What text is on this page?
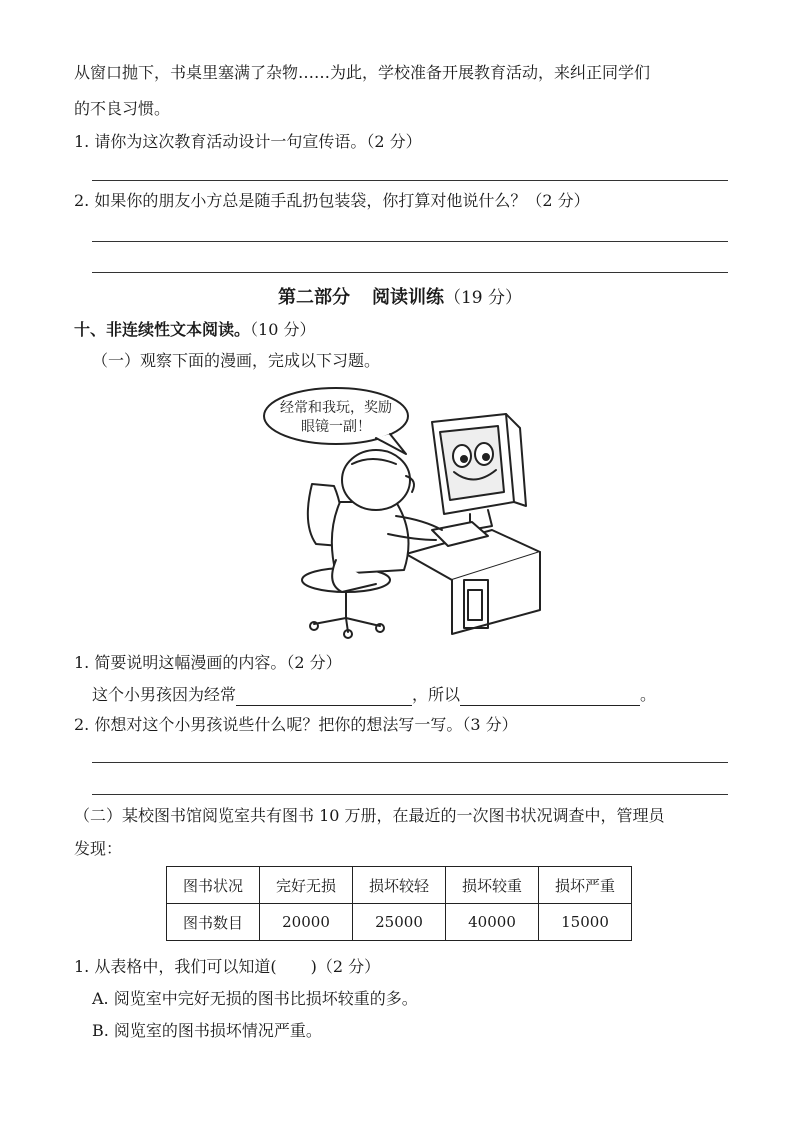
从窗口抛下，书桌里塞满了杂物……为此，学校准备开展教育活动，来纠正同学们
的不良习惯。
1. 请你为这次教育活动设计一句宣传语。（2 分）
2. 如果你的朋友小方总是随手乱扔包装袋，你打算对他说什么？（2 分）
第二部分 阅读训练（19 分）
十、非连续性文本阅读。（10 分）
（一）观察下面的漫画，完成以下习题。
经常和我玩，奖励
眼镜一副！
1. 简要说明这幅漫画的内容。（2 分）
这个小男孩因为经常	，所以	。
2. 你想对这个小男孩说些什么呢？把你的想法写一写。（3 分）
（二）某校图书馆阅览室共有图书 10 万册，在最近的一次图书状况调查中，管理员
发现：
图书状况	完好无损	损坏较轻	损坏较重	损坏严重
图书数目	20000	25000	40000	15000
1. 从表格中，我们可以知道( )（2 分）
A. 阅览室中完好无损的图书比损坏较重的多。
B. 阅览室的图书损坏情况严重。
